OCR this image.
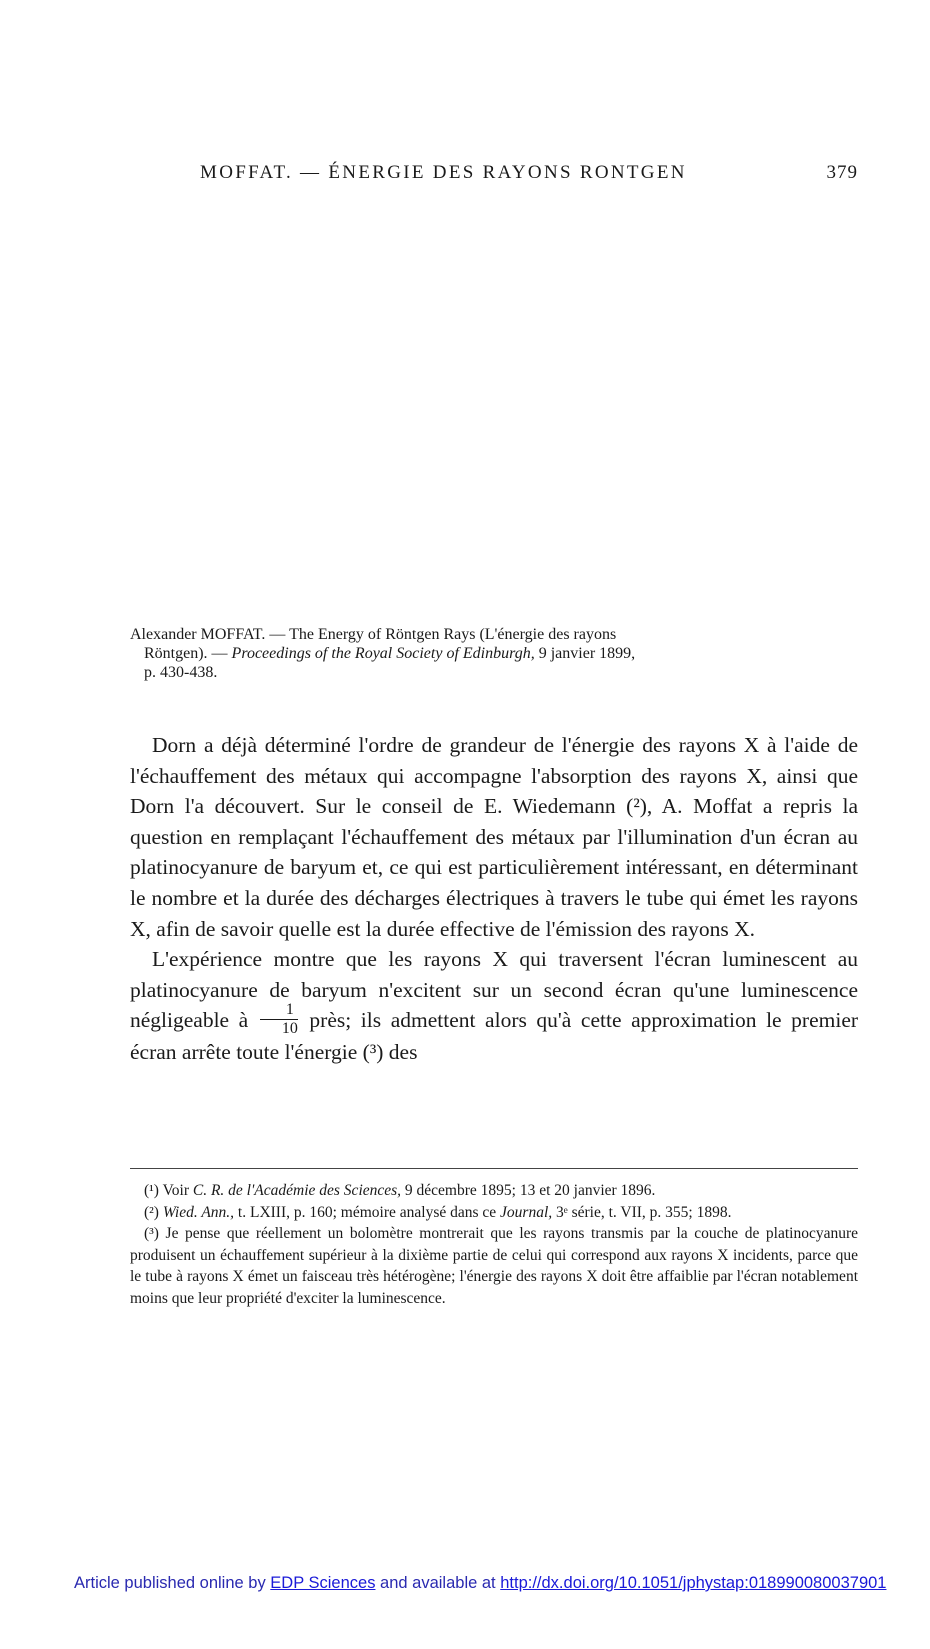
MOFFAT. — ÉNERGIE DES RAYONS RONTGEN	379
Alexander MOFFAT. — The Energy of Röntgen Rays (L'énergie des rayons
Röntgen). — Proceedings of the Royal Society of Edinburgh, 9 janvier 1899,
p. 430-438.

Dorn a déjà déterminé l'ordre de grandeur de l'énergie des rayons X à l'aide de l'échauffement des métaux qui accompagne l'absorption des rayons X, ainsi que Dorn l'a découvert. Sur le conseil de E. Wiedemann (²), A. Moffat a repris la question en remplaçant l'échauffement des métaux par l'illumination d'un écran au platinocyanure de baryum et, ce qui est particulièrement intéressant, en déterminant le nombre et la durée des décharges électriques à travers le tube qui émet les rayons X, afin de savoir quelle est la durée effective de l'émission des rayons X.

L'expérience montre que les rayons X qui traversent l'écran luminescent au platinocyanure de baryum n'excitent sur un second écran qu'une luminescence négligeable à $\frac{1}{10}$ près; ils admettent alors qu'à cette approximation le premier écran arrête toute l'énergie (³) des

(¹) Voir C. R. de l'Académie des Sciences, 9 décembre 1895; 13 et 20 janvier 1896.

(²) Wied. Ann., t. LXIII, p. 160; mémoire analysé dans ce Journal, 3ᵉ série, t. VII, p. 355; 1898.

(³) Je pense que réellement un bolomètre montrerait que les rayons transmis par la couche de platinocyanure produisent un échauffement supérieur à la dixième partie de celui qui correspond aux rayons X incidents, parce que le tube à rayons X émet un faisceau très hétérogène; l'énergie des rayons X doit être affaiblie par l'écran notablement moins que leur propriété d'exciter la luminescence.

Article published online by EDP Sciences and available at http://dx.doi.org/10.1051/jphystap:018990080037901
